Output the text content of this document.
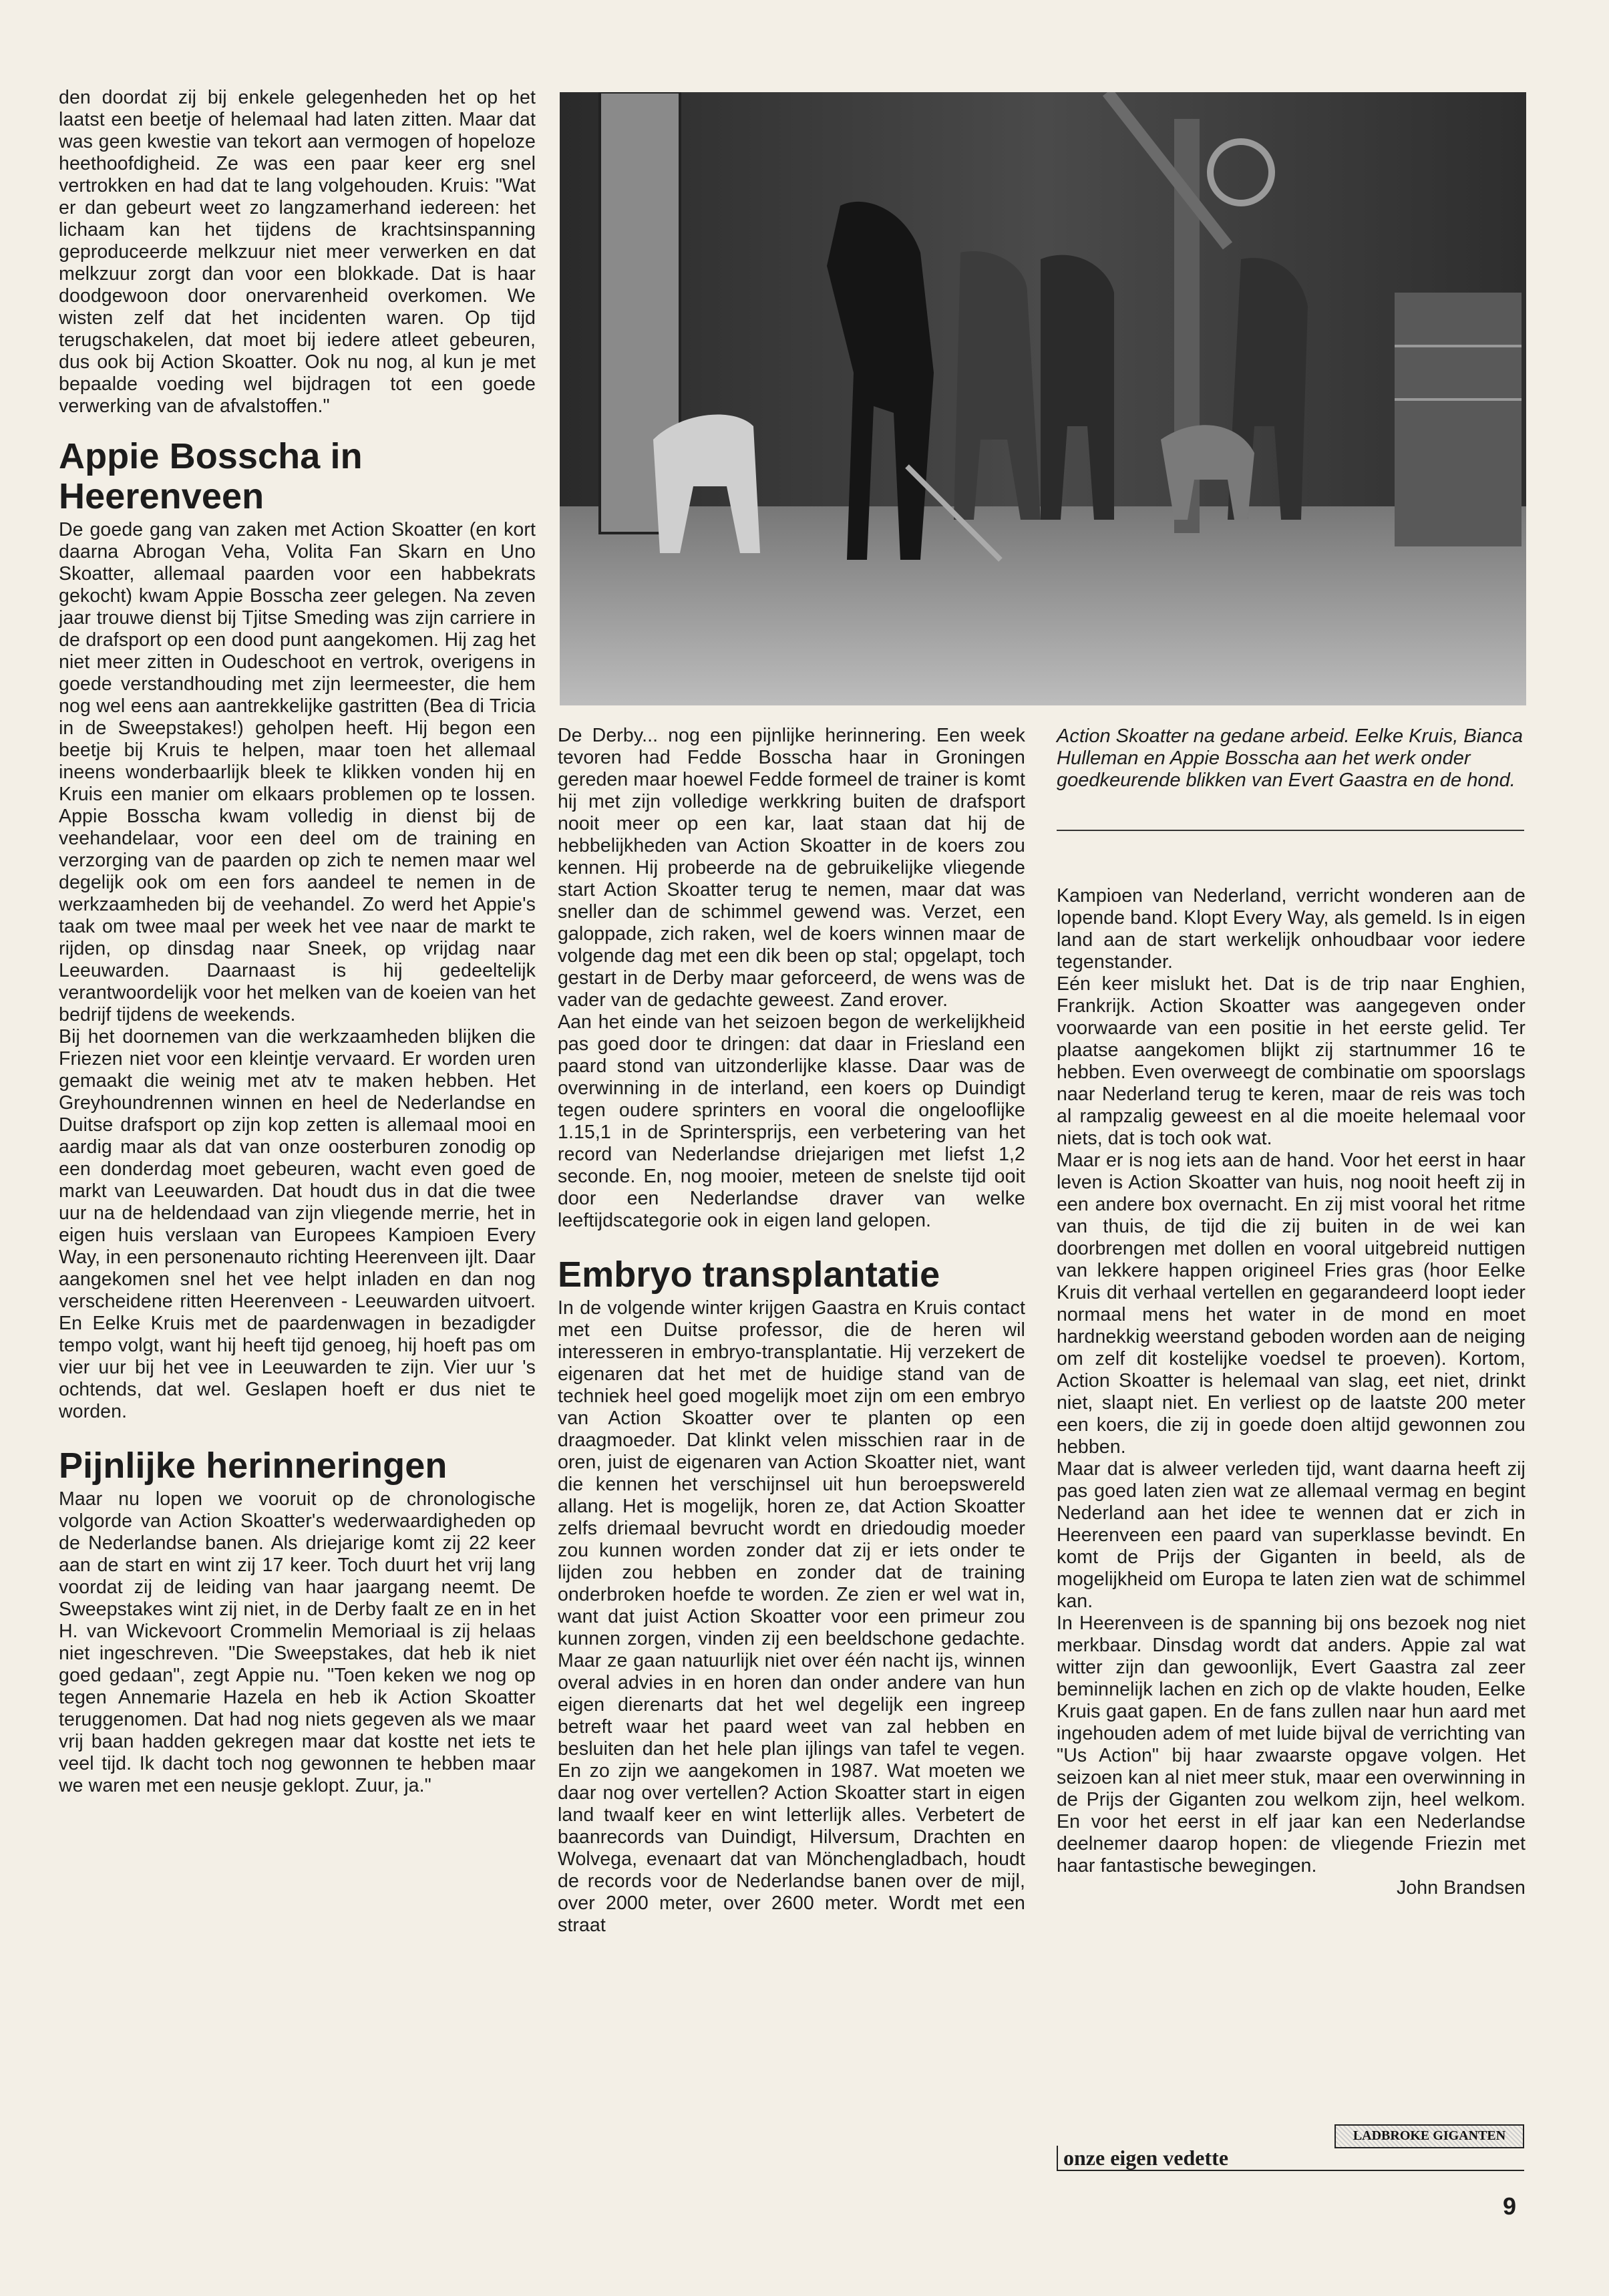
den doordat zij bij enkele gelegenheden het op het laatst een beetje of helemaal had laten zitten. Maar dat was geen kwestie van tekort aan vermogen of hopeloze heethoofdigheid. Ze was een paar keer erg snel vertrokken en had dat te lang volgehouden. Kruis: "Wat er dan gebeurt weet zo langzamerhand iedereen: het lichaam kan het tijdens de krachtsinspanning geproduceerde melkzuur niet meer verwerken en dat melkzuur zorgt dan voor een blokkade. Dat is haar doodgewoon door onervarenheid overkomen. We wisten zelf dat het incidenten waren. Op tijd terugschakelen, dat moet bij iedere atleet gebeuren, dus ook bij Action Skoatter. Ook nu nog, al kun je met bepaalde voeding wel bijdragen tot een goede verwerking van de afvalstoffen."

Appie Bosscha in Heerenveen

De goede gang van zaken met Action Skoatter (en kort daarna Abrogan Veha, Volita Fan Skarn en Uno Skoatter, allemaal paarden voor een habbekrats gekocht) kwam Appie Bosscha zeer gelegen. Na zeven jaar trouwe dienst bij Tjitse Smeding was zijn carriere in de drafsport op een dood punt aangekomen. Hij zag het niet meer zitten in Oudeschoot en vertrok, overigens in goede verstandhouding met zijn leermeester, die hem nog wel eens aan aantrekkelijke gastritten (Bea di Tricia in de Sweepstakes!) geholpen heeft. Hij begon een beetje bij Kruis te helpen, maar toen het allemaal ineens wonderbaarlijk bleek te klikken vonden hij en Kruis een manier om elkaars problemen op te lossen. Appie Bosscha kwam volledig in dienst bij de veehandelaar, voor een deel om de training en verzorging van de paarden op zich te nemen maar wel degelijk ook om een fors aandeel te nemen in de werkzaamheden bij de veehandel. Zo werd het Appie's taak om twee maal per week het vee naar de markt te rijden, op dinsdag naar Sneek, op vrijdag naar Leeuwarden. Daarnaast is hij gedeeltelijk verantwoordelijk voor het melken van de koeien van het bedrijf tijdens de weekends.

Bij het doornemen van die werkzaamheden blijken die Friezen niet voor een kleintje vervaard. Er worden uren gemaakt die weinig met atv te maken hebben. Het Greyhoundrennen winnen en heel de Nederlandse en Duitse drafsport op zijn kop zetten is allemaal mooi en aardig maar als dat van onze oosterburen zonodig op een donderdag moet gebeuren, wacht even goed de markt van Leeuwarden. Dat houdt dus in dat die twee uur na de heldendaad van zijn vliegende merrie, het in eigen huis verslaan van Europees Kampioen Every Way, in een personenauto richting Heerenveen ijlt. Daar aangekomen snel het vee helpt inladen en dan nog verscheidene ritten Heerenveen - Leeuwarden uitvoert. En Eelke Kruis met de paardenwagen in bezadigder tempo volgt, want hij heeft tijd genoeg, hij hoeft pas om vier uur bij het vee in Leeuwarden te zijn. Vier uur 's ochtends, dat wel. Geslapen hoeft er dus niet te worden.

Pijnlijke herinneringen

Maar nu lopen we vooruit op de chronologische volgorde van Action Skoatter's wederwaardigheden op de Nederlandse banen. Als driejarige komt zij 22 keer aan de start en wint zij 17 keer. Toch duurt het vrij lang voordat zij de leiding van haar jaargang neemt. De Sweepstakes wint zij niet, in de Derby faalt ze en in het H. van Wickevoort Crommelin Memoriaal is zij helaas niet ingeschreven. "Die Sweepstakes, dat heb ik niet goed gedaan", zegt Appie nu. "Toen keken we nog op tegen Annemarie Hazela en heb ik Action Skoatter teruggenomen. Dat had nog niets gegeven als we maar vrij baan hadden gekregen maar dat kostte net iets te veel tijd. Ik dacht toch nog gewonnen te hebben maar we waren met een neusje geklopt. Zuur, ja."

Action Skoatter na gedane arbeid. Eelke Kruis, Bianca Hulleman en Appie Bosscha aan het werk onder goedkeurende blikken van Evert Gaastra en de hond.

De Derby... nog een pijnlijke herinnering. Een week tevoren had Fedde Bosscha haar in Groningen gereden maar hoewel Fedde formeel de trainer is komt hij met zijn volledige werkkring buiten de drafsport nooit meer op een kar, laat staan dat hij de hebbelijkheden van Action Skoatter in de koers zou kennen. Hij probeerde na de gebruikelijke vliegende start Action Skoatter terug te nemen, maar dat was sneller dan de schimmel gewend was. Verzet, een galoppade, zich raken, wel de koers winnen maar de volgende dag met een dik been op stal; opgelapt, toch gestart in de Derby maar geforceerd, de wens was de vader van de gedachte geweest. Zand erover.

Aan het einde van het seizoen begon de werkelijkheid pas goed door te dringen: dat daar in Friesland een paard stond van uitzonderlijke klasse. Daar was de overwinning in de interland, een koers op Duindigt tegen oudere sprinters en vooral die ongelooflijke 1.15,1 in de Sprintersprijs, een verbetering van het record van Nederlandse driejarigen met liefst 1,2 seconde. En, nog mooier, meteen de snelste tijd ooit door een Nederlandse draver van welke leeftijdscategorie ook in eigen land gelopen.

Embryo transplantatie

In de volgende winter krijgen Gaastra en Kruis contact met een Duitse professor, die de heren wil interesseren in embryo-transplantatie. Hij verzekert de eigenaren dat het met de huidige stand van de techniek heel goed mogelijk moet zijn om een embryo van Action Skoatter over te planten op een draagmoeder. Dat klinkt velen misschien raar in de oren, juist de eigenaren van Action Skoatter niet, want die kennen het verschijnsel uit hun beroepswereld allang. Het is mogelijk, horen ze, dat Action Skoatter zelfs driemaal bevrucht wordt en driedoudig moeder zou kunnen worden zonder dat zij er iets onder te lijden zou hebben en zonder dat de training onderbroken hoefde te worden. Ze zien er wel wat in, want dat juist Action Skoatter voor een primeur zou kunnen zorgen, vinden zij een beeldschone gedachte. Maar ze gaan natuurlijk niet over één nacht ijs, winnen overal advies in en horen dan onder andere van hun eigen dierenarts dat het wel degelijk een ingreep betreft waar het paard weet van zal hebben en besluiten dan het hele plan ijlings van tafel te vegen. En zo zijn we aangekomen in 1987. Wat moeten we daar nog over vertellen? Action Skoatter start in eigen land twaalf keer en wint letterlijk alles. Verbetert de baanrecords van Duindigt, Hilversum, Drachten en Wolvega, evenaart dat van Mönchengladbach, houdt de records voor de Nederlandse banen over de mijl, over 2000 meter, over 2600 meter. Wordt met een straat

Kampioen van Nederland, verricht wonderen aan de lopende band. Klopt Every Way, als gemeld. Is in eigen land aan de start werkelijk onhoudbaar voor iedere tegenstander.

Eén keer mislukt het. Dat is de trip naar Enghien, Frankrijk. Action Skoatter was aangegeven onder voorwaarde van een positie in het eerste gelid. Ter plaatse aangekomen blijkt zij startnummer 16 te hebben. Even overweegt de combinatie om spoorslags naar Nederland terug te keren, maar de reis was toch al rampzalig geweest en al die moeite helemaal voor niets, dat is toch ook wat.

Maar er is nog iets aan de hand. Voor het eerst in haar leven is Action Skoatter van huis, nog nooit heeft zij in een andere box overnacht. En zij mist vooral het ritme van thuis, de tijd die zij buiten in de wei kan doorbrengen met dollen en vooral uitgebreid nuttigen van lekkere happen origineel Fries gras (hoor Eelke Kruis dit verhaal vertellen en gegarandeerd loopt ieder normaal mens het water in de mond en moet hardnekkig weerstand geboden worden aan de neiging om zelf dit kostelijke voedsel te proeven). Kortom, Action Skoatter is helemaal van slag, eet niet, drinkt niet, slaapt niet. En verliest op de laatste 200 meter een koers, die zij in goede doen altijd gewonnen zou hebben.

Maar dat is alweer verleden tijd, want daarna heeft zij pas goed laten zien wat ze allemaal vermag en begint Nederland aan het idee te wennen dat er zich in Heerenveen een paard van superklasse bevindt. En komt de Prijs der Giganten in beeld, als de mogelijkheid om Europa te laten zien wat de schimmel kan.

In Heerenveen is de spanning bij ons bezoek nog niet merkbaar. Dinsdag wordt dat anders. Appie zal wat witter zijn dan gewoonlijk, Evert Gaastra zal zeer beminnelijk lachen en zich op de vlakte houden, Eelke Kruis gaat gapen. En de fans zullen naar hun aard met ingehouden adem of met luide bijval de verrichting van "Us Action" bij haar zwaarste opgave volgen. Het seizoen kan al niet meer stuk, maar een overwinning in de Prijs der Giganten zou welkom zijn, heel welkom. En voor het eerst in elf jaar kan een Nederlandse deelnemer daarop hopen: de vliegende Friezin met haar fantastische bewegingen.

John Brandsen

LADBROKE GIGANTEN
onze eigen vedette
9
